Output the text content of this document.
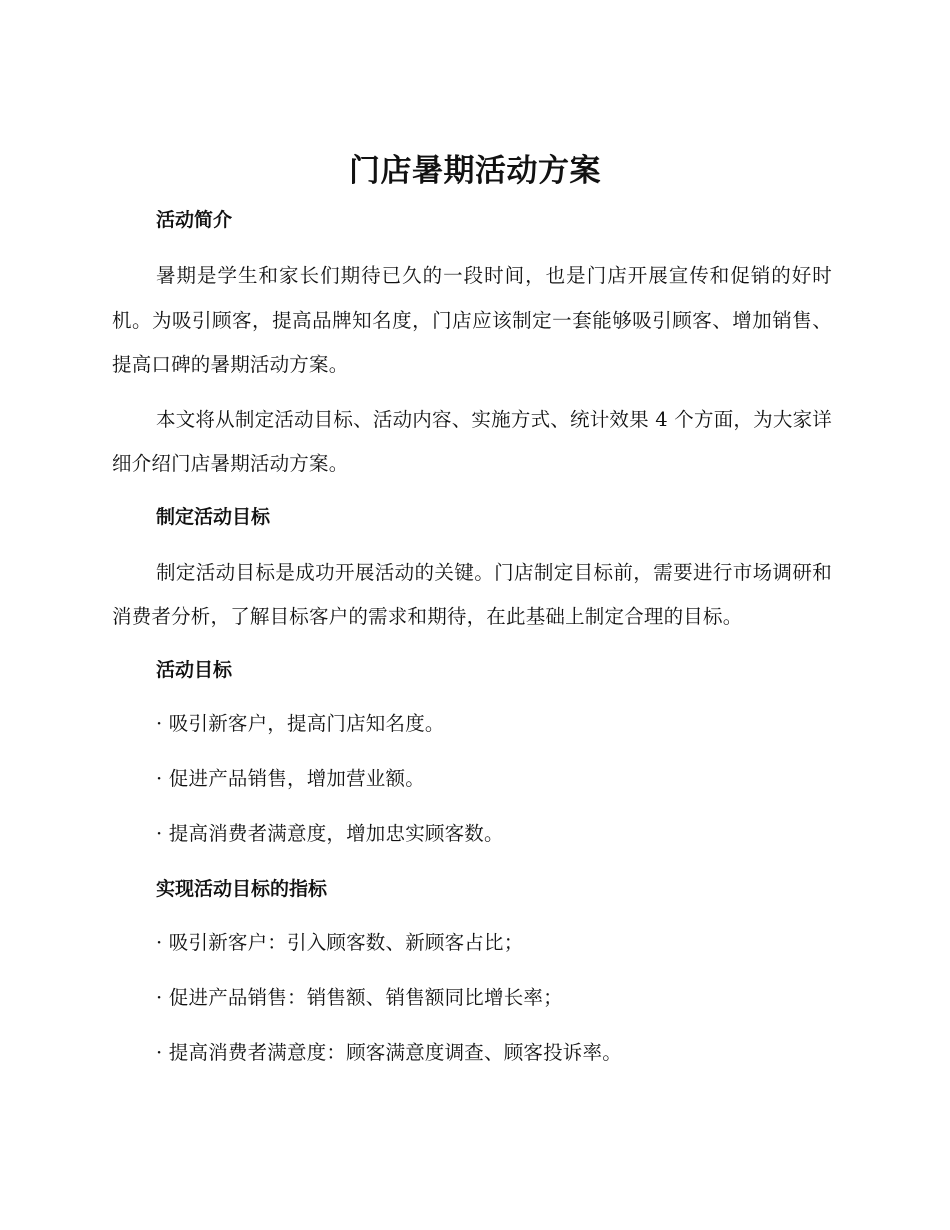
门店暑期活动方案
活动简介

暑期是学生和家长们期待已久的一段时间，也是门店开展宣传和促销的好时机。为吸引顾客，提高品牌知名度，门店应该制定一套能够吸引顾客、增加销售、提高口碑的暑期活动方案。

本文将从制定活动目标、活动内容、实施方式、统计效果 4 个方面，为大家详细介绍门店暑期活动方案。

制定活动目标

制定活动目标是成功开展活动的关键。门店制定目标前，需要进行市场调研和消费者分析，了解目标客户的需求和期待，在此基础上制定合理的目标。

活动目标
· 吸引新客户，提高门店知名度。
· 促进产品销售，增加营业额。
· 提高消费者满意度，增加忠实顾客数。
实现活动目标的指标
· 吸引新客户：引入顾客数、新顾客占比；
· 促进产品销售：销售额、销售额同比增长率；
· 提高消费者满意度：顾客满意度调查、顾客投诉率。
